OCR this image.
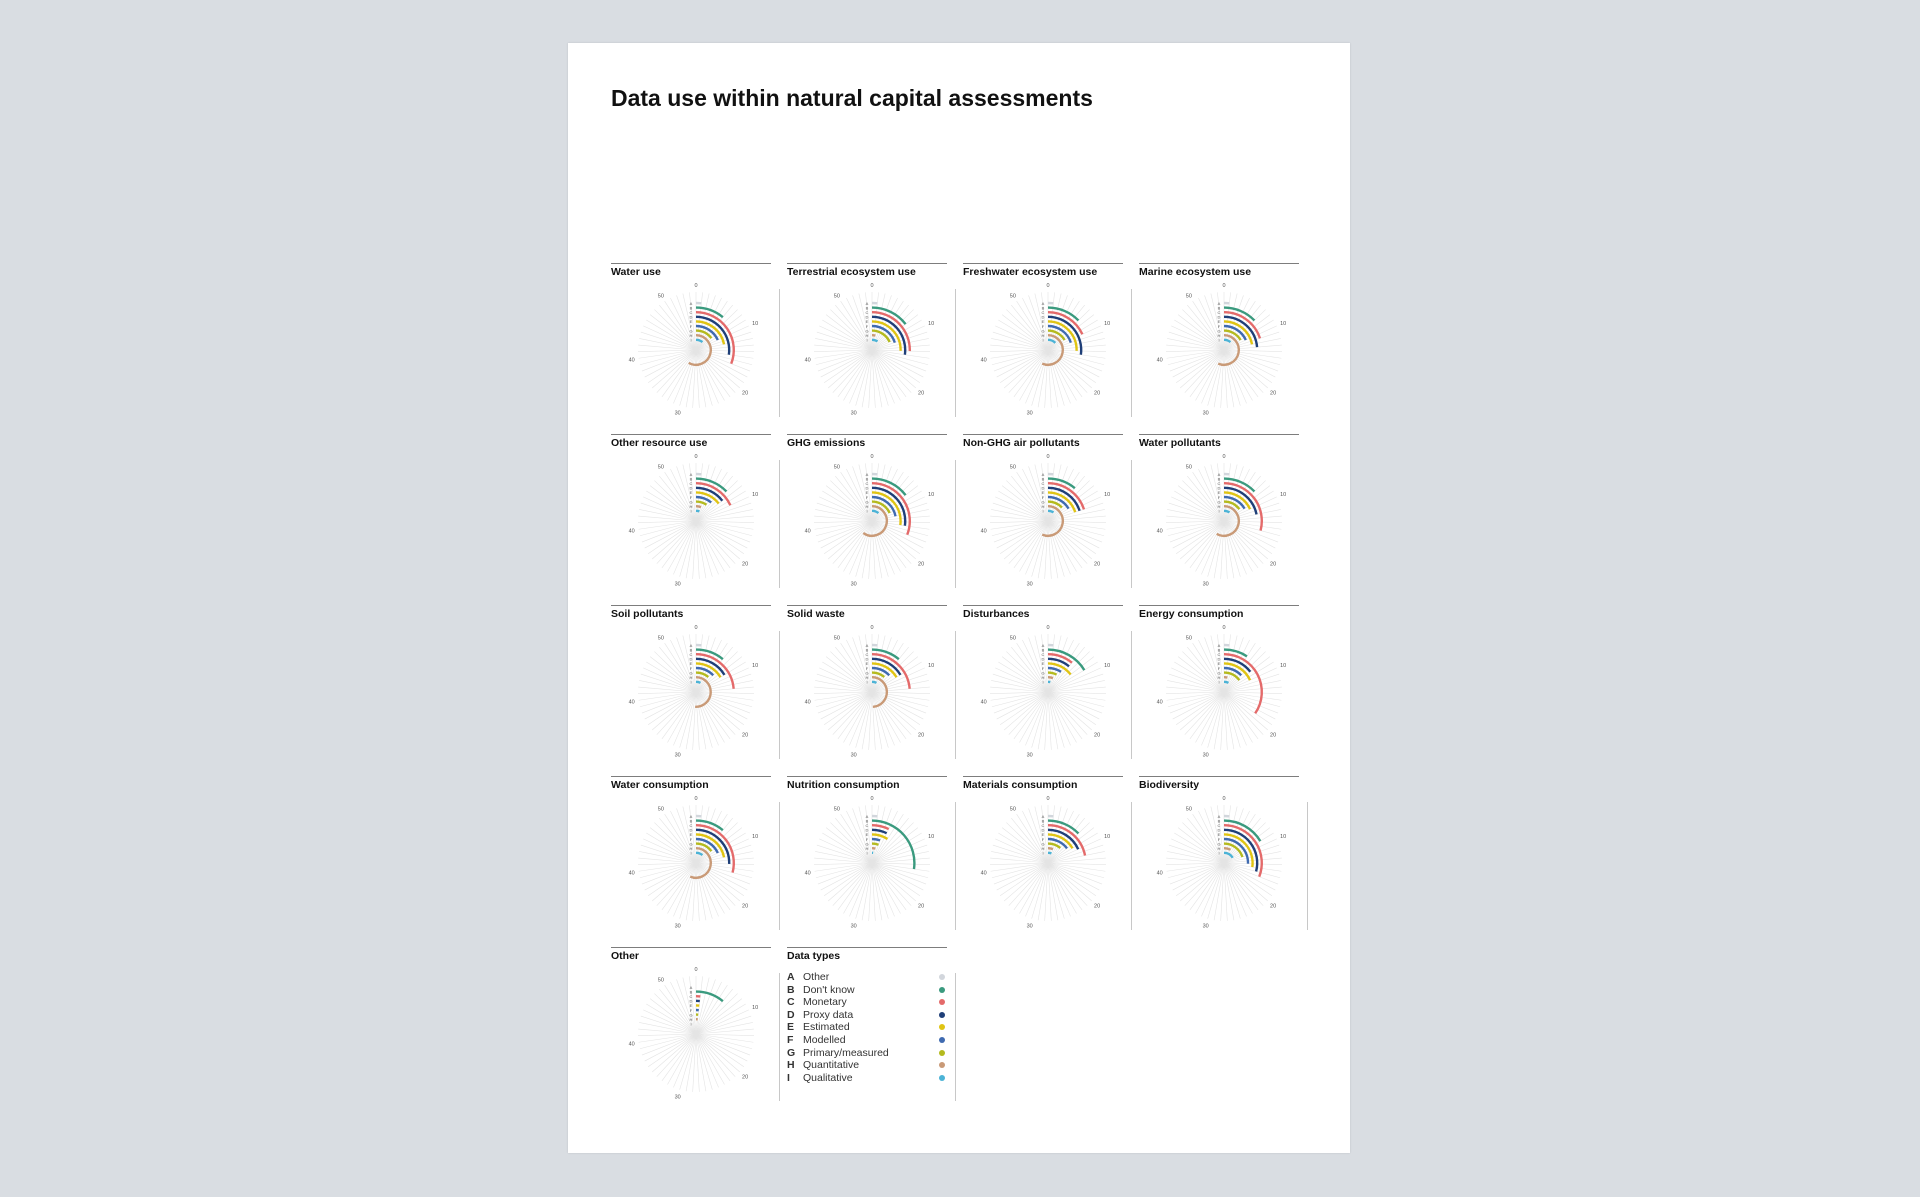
Data use within natural capital assessments
Water use
0
10
20
30
40
50
A
B
C
D
E
F
G
H
I
Terrestrial ecosystem use
0
10
20
30
40
50
A
B
C
D
E
F
G
H
I
Freshwater ecosystem use
0
10
20
30
40
50
A
B
C
D
E
F
G
H
I
Marine ecosystem use
0
10
20
30
40
50
A
B
C
D
E
F
G
H
I
Other resource use
0
10
20
30
40
50
A
B
C
D
E
F
G
H
I
GHG emissions
0
10
20
30
40
50
A
B
C
D
E
F
G
H
I
Non-GHG air pollutants
0
10
20
30
40
50
A
B
C
D
E
F
G
H
I
Water pollutants
0
10
20
30
40
50
A
B
C
D
E
F
G
H
I
Soil pollutants
0
10
20
30
40
50
A
B
C
D
E
F
G
H
I
Solid waste
0
10
20
30
40
50
A
B
C
D
E
F
G
H
I
Disturbances
0
10
20
30
40
50
A
B
C
D
E
F
G
H
I
Energy consumption
0
10
20
30
40
50
A
B
C
D
E
F
G
H
I
Water consumption
0
10
20
30
40
50
A
B
C
D
E
F
G
H
I
Nutrition consumption
0
10
20
30
40
50
A
B
C
D
E
F
G
H
I
Materials consumption
0
10
20
30
40
50
A
B
C
D
E
F
G
H
I
Biodiversity
0
10
20
30
40
50
A
B
C
D
E
F
G
H
I
Other
0
10
20
30
40
50
A
B
C
D
E
F
G
H
I
Data types
A Other
B Don't know
C Monetary
D Proxy data
E Estimated
F Modelled
G Primary/measured
H Quantitative
I	Qualitative
